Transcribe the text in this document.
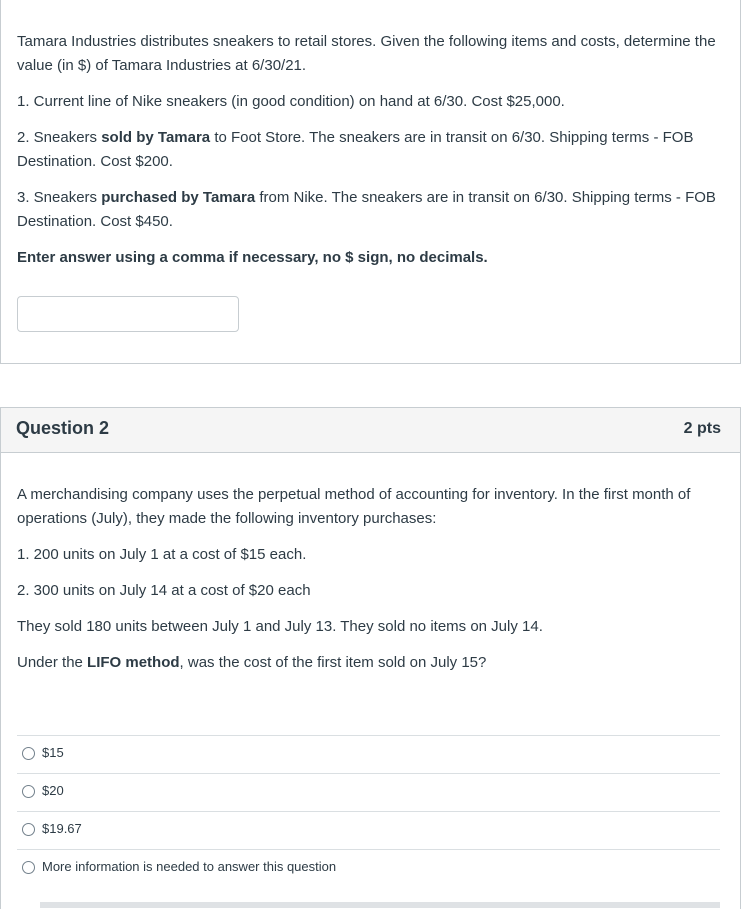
Tamara Industries distributes sneakers to retail stores. Given the following items and costs, determine the value (in $) of Tamara Industries at 6/30/21.

1. Current line of Nike sneakers (in good condition) on hand at 6/30. Cost $25,000.

2. Sneakers sold by Tamara to Foot Store. The sneakers are in transit on 6/30. Shipping terms - FOB Destination. Cost $200.

3. Sneakers purchased by Tamara from Nike. The sneakers are in transit on 6/30. Shipping terms - FOB Destination. Cost $450.

Enter answer using a comma if necessary, no $ sign, no decimals.

Question 2	2 pts

A merchandising company uses the perpetual method of accounting for inventory. In the first month of operations (July), they made the following inventory purchases:

1. 200 units on July 1 at a cost of $15 each.

2. 300 units on July 14 at a cost of $20 each

They sold 180 units between July 1 and July 13. They sold no items on July 14.

Under the LIFO method, was the cost of the first item sold on July 15?

$15
$20
$19.67
More information is needed to answer this question
